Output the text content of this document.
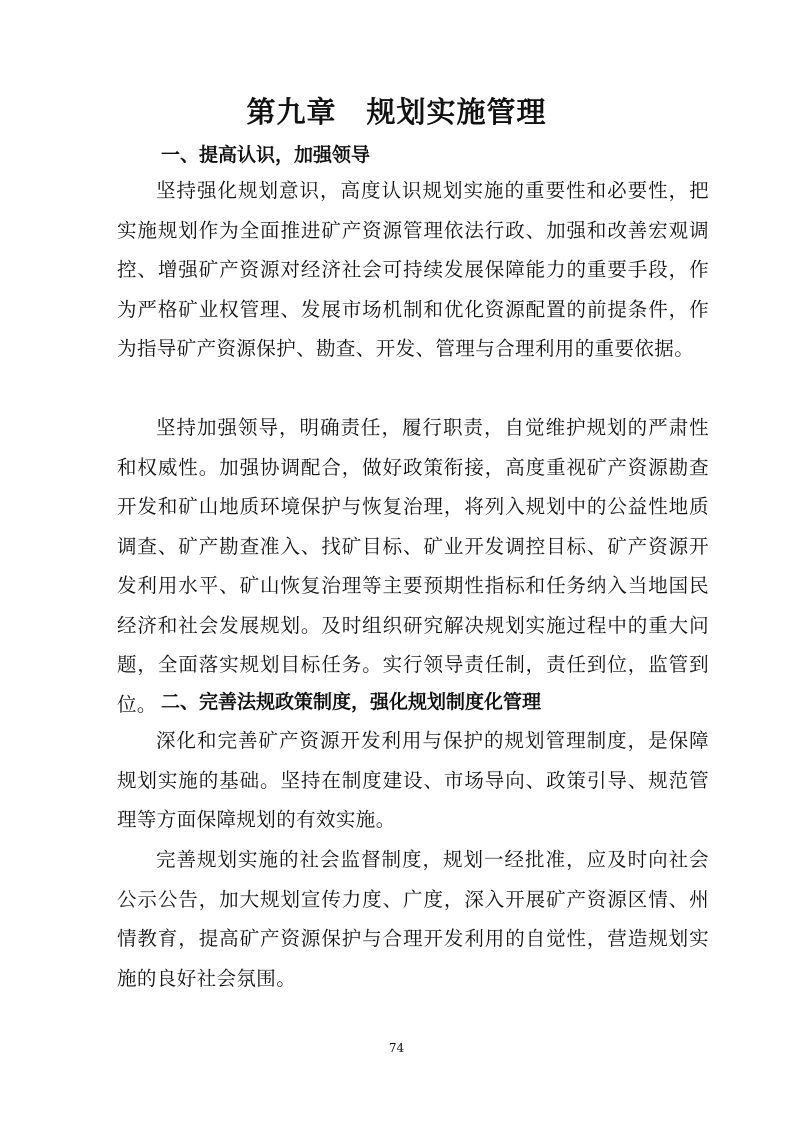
第九章　规划实施管理
一、提高认识，加强领导

坚持强化规划意识，高度认识规划实施的重要性和必要性，把实施规划作为全面推进矿产资源管理依法行政、加强和改善宏观调控、增强矿产资源对经济社会可持续发展保障能力的重要手段，作为严格矿业权管理、发展市场机制和优化资源配置的前提条件，作为指导矿产资源保护、勘查、开发、管理与合理利用的重要依据。

坚持加强领导，明确责任，履行职责，自觉维护规划的严肃性和权威性。加强协调配合，做好政策衔接，高度重视矿产资源勘查开发和矿山地质环境保护与恢复治理，将列入规划中的公益性地质调查、矿产勘查准入、找矿目标、矿业开发调控目标、矿产资源开发利用水平、矿山恢复治理等主要预期性指标和任务纳入当地国民经济和社会发展规划。及时组织研究解决规划实施过程中的重大问题，全面落实规划目标任务。实行领导责任制，责任到位，监管到位。 二、完善法规政策制度，强化规划制度化管理

深化和完善矿产资源开发利用与保护的规划管理制度，是保障规划实施的基础。坚持在制度建设、市场导向、政策引导、规范管理等方面保障规划的有效实施。

完善规划实施的社会监督制度，规划一经批准，应及时向社会公示公告，加大规划宣传力度、广度，深入开展矿产资源区情、州情教育，提高矿产资源保护与合理开发利用的自觉性，营造规划实施的良好社会氛围。

74
